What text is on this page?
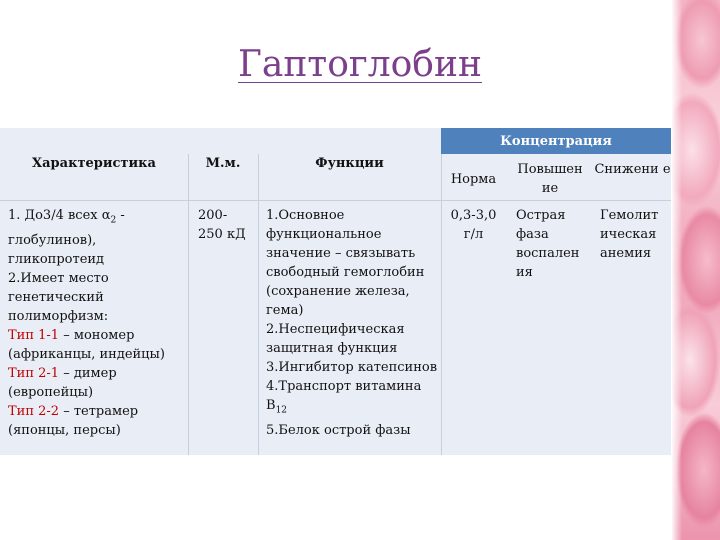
Гаптоглобин
Концентрация
Характеристика	М.м.	Функции
Норма
Повышен ие
Снижени е
1. До3/4 всех $\alpha_2$ -
глобулинов),
гликопротеид
2.Имеет место
генетический
полиморфизм:
Тип 1-1 – мономер
(африканцы, индейцы)
Тип 2-1 – димер
(европейцы)
Тип 2-2 – тетрамер
(японцы, персы)
200-
250 кД
1.Основное
функциональное
значение – связывать
свободный гемоглобин
(сохранение железа,
гема)
2.Неспецифическая
защитная функция
3.Ингибитор катепсинов
4.Транспорт витамина
$В_{12}$
5.Белок острой фазы
0,3-3,0
г/л
Острая
фаза
воспален
ия
Гемолит
ическая
анемия
